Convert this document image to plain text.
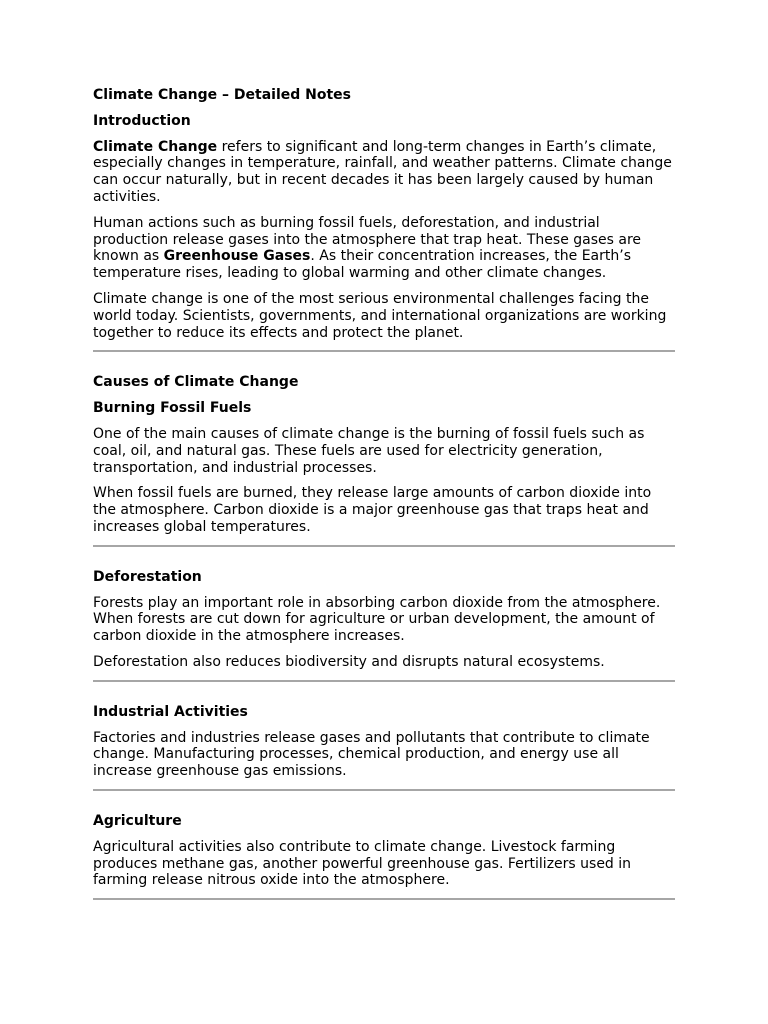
Climate Change – Detailed Notes
Introduction

Climate Change refers to significant and long-term changes in Earth’s climate, especially changes in temperature, rainfall, and weather patterns. Climate change can occur naturally, but in recent decades it has been largely caused by human activities.

Human actions such as burning fossil fuels, deforestation, and industrial production release gases into the atmosphere that trap heat. These gases are known as Greenhouse Gases. As their concentration increases, the Earth’s temperature rises, leading to global warming and other climate changes.

Climate change is one of the most serious environmental challenges facing the world today. Scientists, governments, and international organizations are working together to reduce its effects and protect the planet.

Causes of Climate Change
Burning Fossil Fuels

One of the main causes of climate change is the burning of fossil fuels such as coal, oil, and natural gas. These fuels are used for electricity generation, transportation, and industrial processes.

When fossil fuels are burned, they release large amounts of carbon dioxide into the atmosphere. Carbon dioxide is a major greenhouse gas that traps heat and increases global temperatures.

Deforestation

Forests play an important role in absorbing carbon dioxide from the atmosphere. When forests are cut down for agriculture or urban development, the amount of carbon dioxide in the atmosphere increases.

Deforestation also reduces biodiversity and disrupts natural ecosystems.

Industrial Activities

Factories and industries release gases and pollutants that contribute to climate change. Manufacturing processes, chemical production, and energy use all increase greenhouse gas emissions.

Agriculture

Agricultural activities also contribute to climate change. Livestock farming produces methane gas, another powerful greenhouse gas. Fertilizers used in farming release nitrous oxide into the atmosphere.
